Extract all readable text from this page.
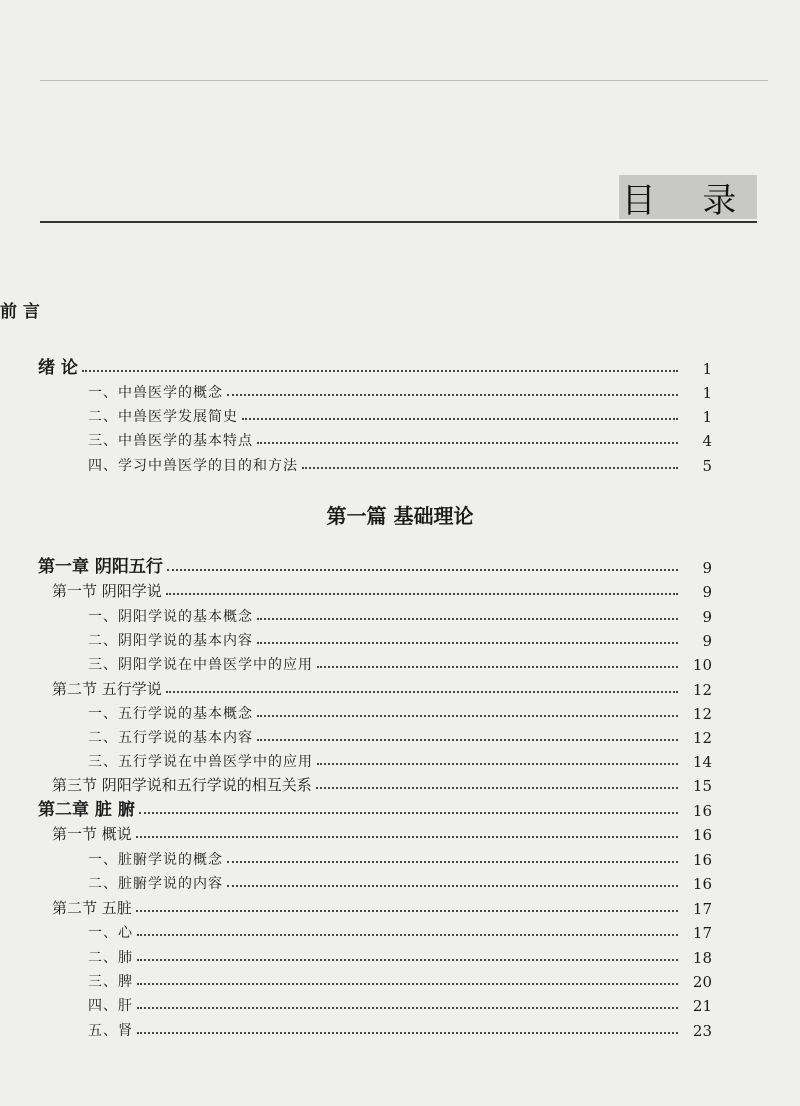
目 录
前 言
绪 论	1
一、中兽医学的概念	1
二、中兽医学发展简史	1
三、中兽医学的基本特点	4
四、学习中兽医学的目的和方法	5
第一篇 基础理论
第一章 阴阳五行	9
第一节 阴阳学说	9
一、阴阳学说的基本概念	9
二、阴阳学说的基本内容	9
三、阴阳学说在中兽医学中的应用	10
第二节 五行学说	12
一、五行学说的基本概念	12
二、五行学说的基本内容	12
三、五行学说在中兽医学中的应用	14
第三节 阴阳学说和五行学说的相互关系	15
第二章 脏 腑	16
第一节 概说	16
一、脏腑学说的概念	16
二、脏腑学说的内容	16
第二节 五脏	17
一、心	17
二、肺	18
三、脾	20
四、肝	21
五、肾	23
